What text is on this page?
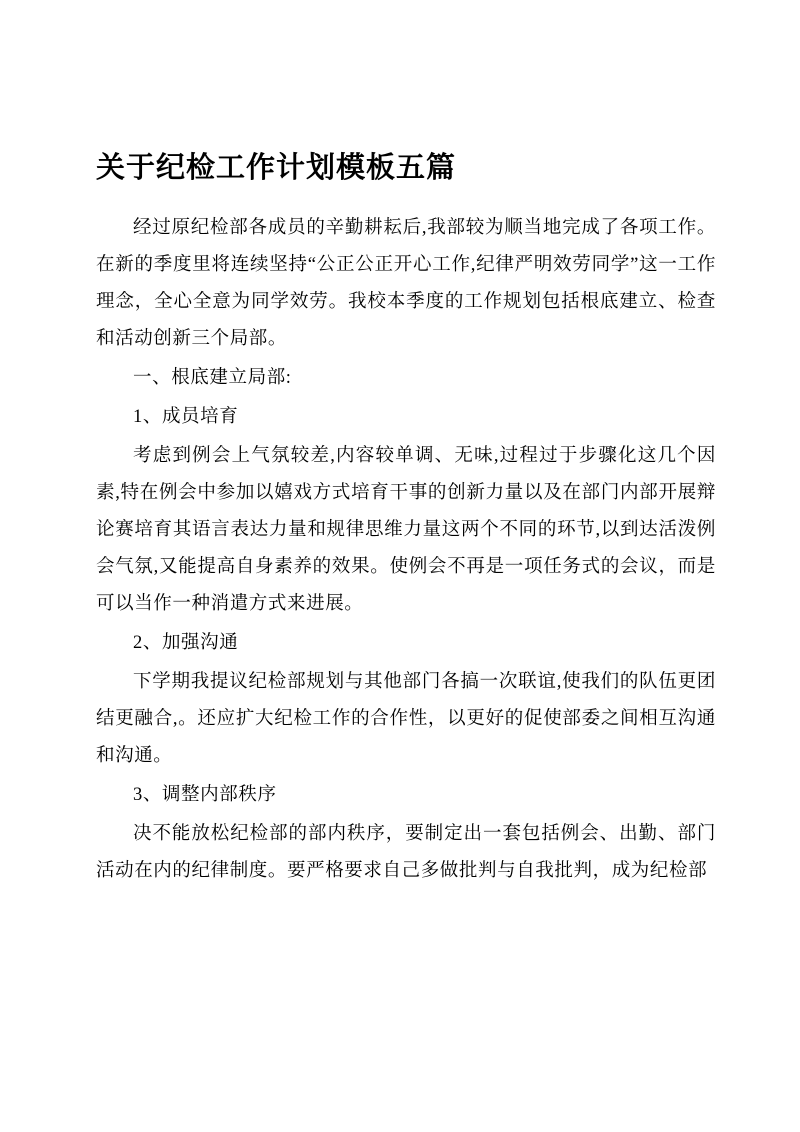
关于纪检工作计划模板五篇

经过原纪检部各成员的辛勤耕耘后,我部较为顺当地完成了各项工作。在新的季度里将连续坚持“公正公正开心工作,纪律严明效劳同学”这一工作理念，全心全意为同学效劳。我校本季度的工作规划包括根底建立、检查和活动创新三个局部。

一、根底建立局部:

1、成员培育

考虑到例会上气氛较差,内容较单调、无味,过程过于步骤化这几个因素,特在例会中参加以嬉戏方式培育干事的创新力量以及在部门内部开展辩论赛培育其语言表达力量和规律思维力量这两个不同的环节,以到达活泼例会气氛,又能提高自身素养的效果。使例会不再是一项任务式的会议，而是可以当作一种消遣方式来进展。

2、加强沟通

下学期我提议纪检部规划与其他部门各搞一次联谊,使我们的队伍更团结更融合,。还应扩大纪检工作的合作性，以更好的促使部委之间相互沟通和沟通。

3、调整内部秩序

决不能放松纪检部的部内秩序，要制定出一套包括例会、出勤、部门活动在内的纪律制度。要严格要求自己多做批判与自我批判，成为纪检部
